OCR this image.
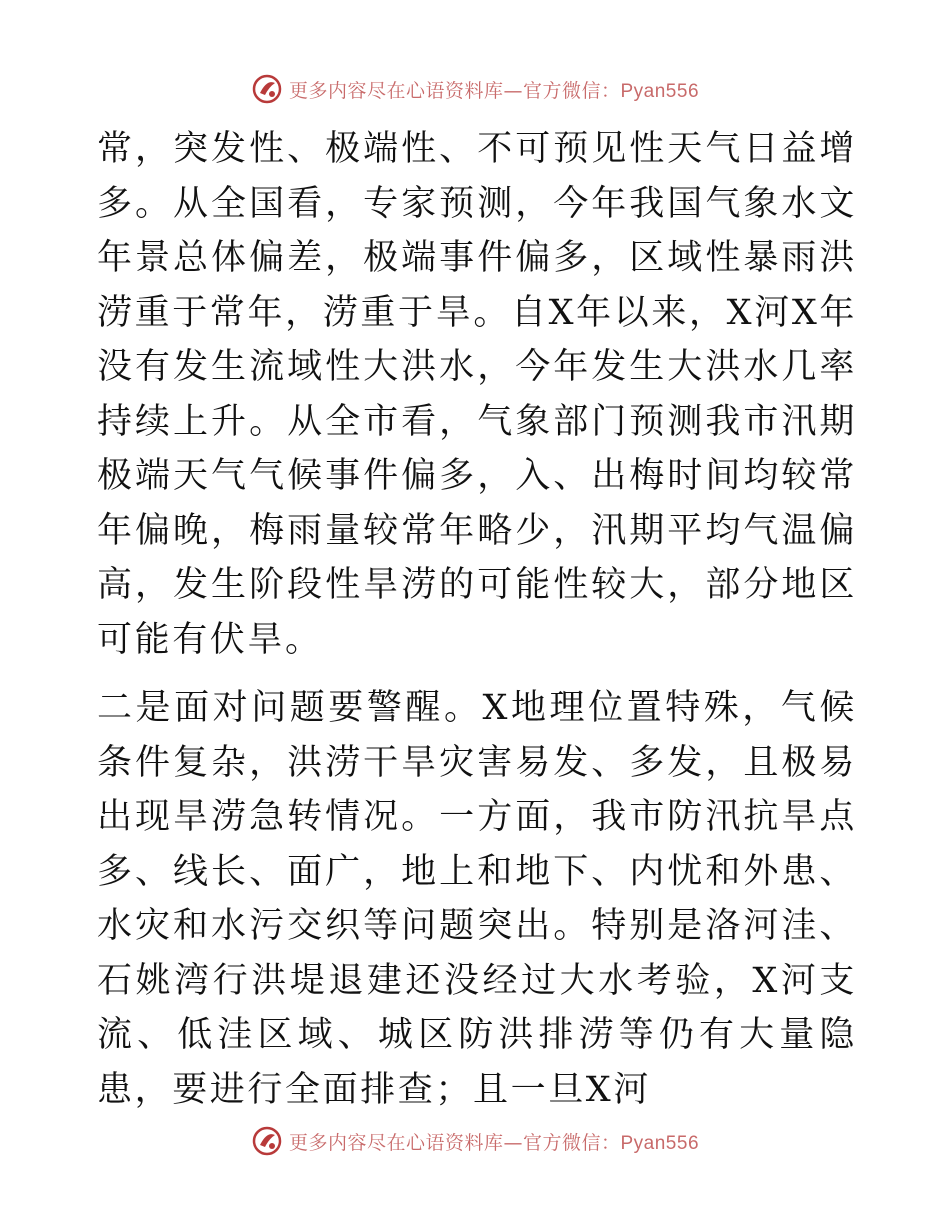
更多内容尽在心语资料库—官方微信：Pyan556

常，突发性、极端性、不可预见性天气日益增多。从全国看，专家预测，今年我国气象水文年景总体偏差，极端事件偏多，区域性暴雨洪涝重于常年，涝重于旱。自X年以来，X河X年没有发生流域性大洪水，今年发生大洪水几率持续上升。从全市看，气象部门预测我市汛期极端天气气候事件偏多，入、出梅时间均较常年偏晚，梅雨量较常年略少，汛期平均气温偏高，发生阶段性旱涝的可能性较大，部分地区可能有伏旱。

二是面对问题要警醒。X地理位置特殊，气候条件复杂，洪涝干旱灾害易发、多发，且极易出现旱涝急转情况。一方面，我市防汛抗旱点多、线长、面广，地上和地下、内忧和外患、水灾和水污交织等问题突出。特别是洛河洼、石姚湾行洪堤退建还没经过大水考验，X河支流、低洼区域、城区防洪排涝等仍有大量隐患，要进行全面排查；且一旦X河

更多内容尽在心语资料库—官方微信：Pyan556
